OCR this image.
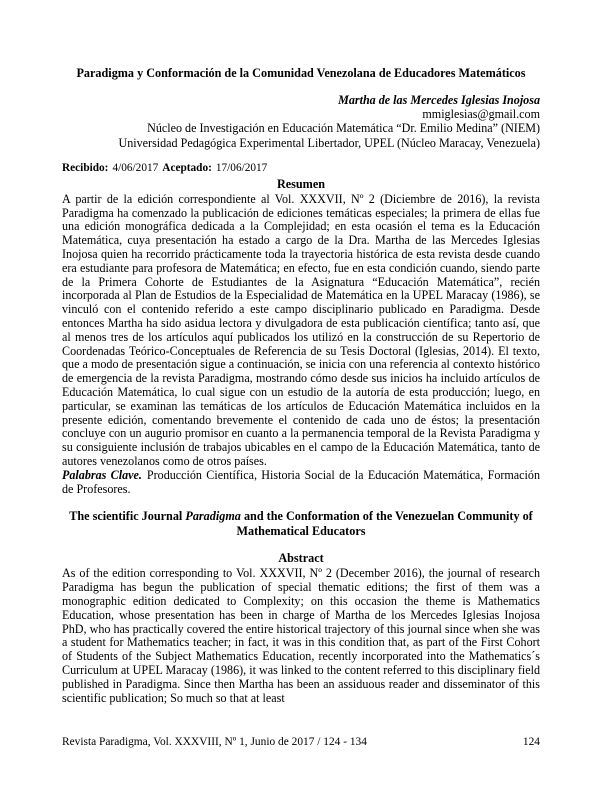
Paradigma y Conformación de la Comunidad Venezolana de Educadores Matemáticos
Martha de las Mercedes Iglesias Inojosa
mmiglesias@gmail.com
Núcleo de Investigación en Educación Matemática “Dr. Emilio Medina” (NIEM)
Universidad Pedagógica Experimental Libertador, UPEL (Núcleo Maracay, Venezuela)
Recibido: 4/06/2017 Aceptado: 17/06/2017
Resumen
A partir de la edición correspondiente al Vol. XXXVII, Nº 2 (Diciembre de 2016), la revista Paradigma ha comenzado la publicación de ediciones temáticas especiales; la primera de ellas fue una edición monográfica dedicada a la Complejidad; en esta ocasión el tema es la Educación Matemática, cuya presentación ha estado a cargo de la Dra. Martha de las Mercedes Iglesias Inojosa quien ha recorrido prácticamente toda la trayectoria histórica de esta revista desde cuando era estudiante para profesora de Matemática; en efecto, fue en esta condición cuando, siendo parte de la Primera Cohorte de Estudiantes de la Asignatura “Educación Matemática”, recién incorporada al Plan de Estudios de la Especialidad de Matemática en la UPEL Maracay (1986), se vinculó con el contenido referido a este campo disciplinario publicado en Paradigma. Desde entonces Martha ha sido asidua lectora y divulgadora de esta publicación científica; tanto así, que al menos tres de los artículos aquí publicados los utilizó en la construcción de su Repertorio de Coordenadas Teórico-Conceptuales de Referencia de su Tesis Doctoral (Iglesias, 2014). El texto, que a modo de presentación sigue a continuación, se inicia con una referencia al contexto histórico de emergencia de la revista Paradigma, mostrando cómo desde sus inicios ha incluido artículos de Educación Matemática, lo cual sigue con un estudio de la autoría de esta producción; luego, en particular, se examinan las temáticas de los artículos de Educación Matemática incluidos en la presente edición, comentando brevemente el contenido de cada uno de éstos; la presentación concluye con un augurio promisor en cuanto a la permanencia temporal de la Revista Paradigma y su consiguiente inclusión de trabajos ubicables en el campo de la Educación Matemática, tanto de autores venezolanos como de otros países.
Palabras Clave. Producción Científica, Historia Social de la Educación Matemática, Formación de Profesores.
The scientific Journal Paradigma and the Conformation of the Venezuelan Community of Mathematical Educators
Abstract
As of the edition corresponding to Vol. XXXVII, Nº 2 (December 2016), the journal of research Paradigma has begun the publication of special thematic editions; the first of them was a monographic edition dedicated to Complexity; on this occasion the theme is Mathematics Education, whose presentation has been in charge of Martha de los Mercedes Iglesias Inojosa PhD, who has practically covered the entire historical trajectory of this journal since when she was a student for Mathematics teacher; in fact, it was in this condition that, as part of the First Cohort of Students of the Subject Mathematics Education, recently incorporated into the Mathematics´s Curriculum at UPEL Maracay (1986), it was linked to the content referred to this disciplinary field published in Paradigma. Since then Martha has been an assiduous reader and disseminator of this scientific publication; So much so that at least
Revista Paradigma, Vol. XXXVIII, Nº 1, Junio de 2017 / 124 - 134	124
